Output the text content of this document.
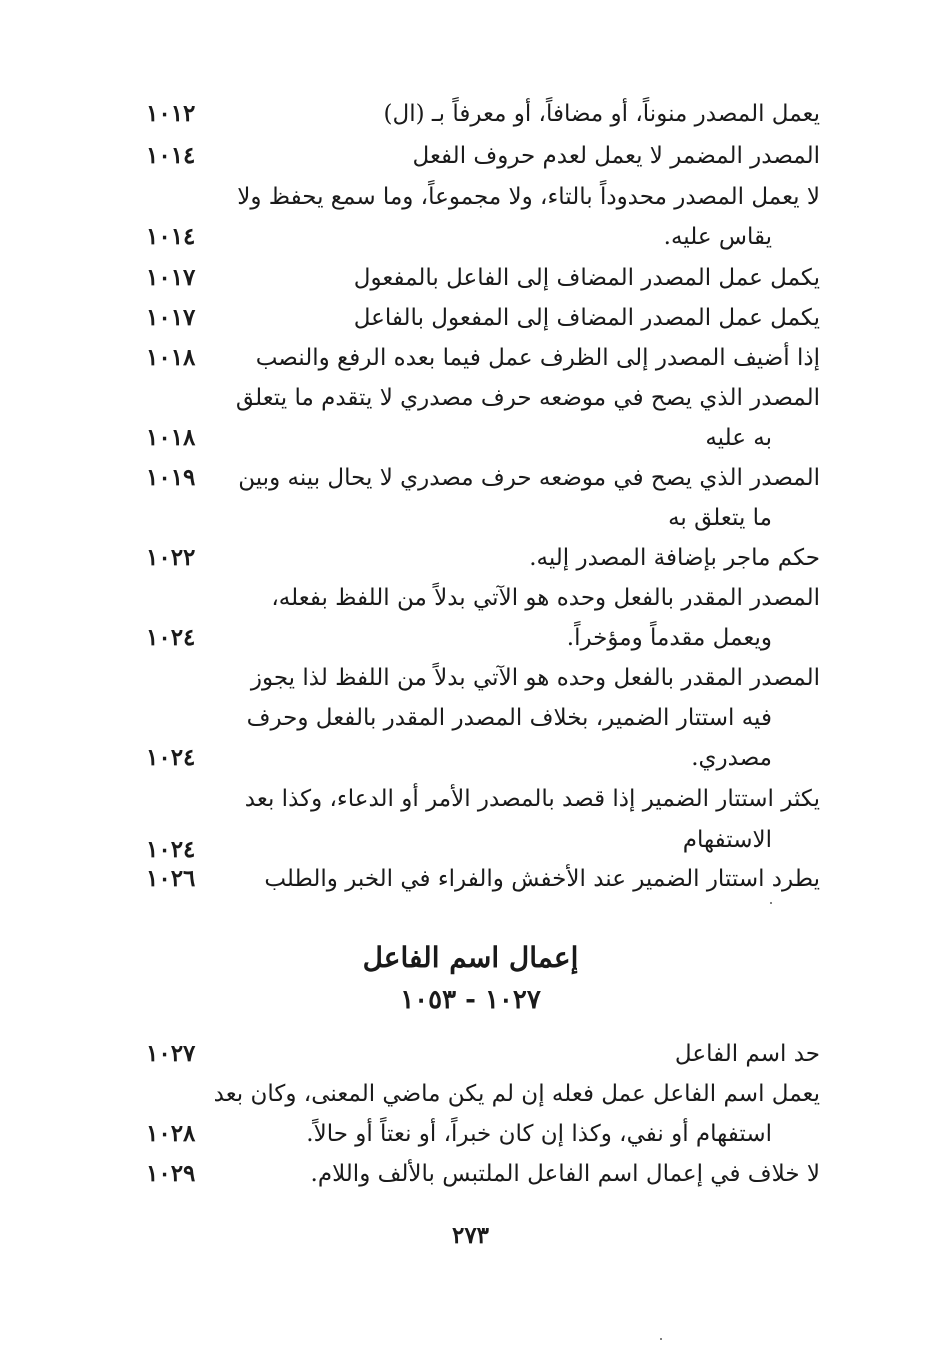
يعمل المصدر منوناً، أو مضافاً، أو معرفاً بـ (ال)
١٠١٢
المصدر المضمر لا يعمل لعدم حروف الفعل
١٠١٤
لا يعمل المصدر محدوداً بالتاء، ولا مجموعاً، وما سمع يحفظ ولا
يقاس عليه.
١٠١٤
يكمل عمل المصدر المضاف إلى الفاعل بالمفعول
١٠١٧
يكمل عمل المصدر المضاف إلى المفعول بالفاعل
١٠١٧
إذا أضيف المصدر إلى الظرف عمل فيما بعده الرفع والنصب
١٠١٨
المصدر الذي يصح في موضعه حرف مصدري لا يتقدم ما يتعلق
به عليه
١٠١٨
المصدر الذي يصح في موضعه حرف مصدري لا يحال بينه وبين
١٠١٩
ما يتعلق به
حكم ماجر بإضافة المصدر إليه.
١٠٢٢
المصدر المقدر بالفعل وحده هو الآتي بدلاً من اللفظ بفعله،
ويعمل مقدماً ومؤخراً.
١٠٢٤
المصدر المقدر بالفعل وحده هو الآتي بدلاً من اللفظ لذا يجوز
فيه استتار الضمير، بخلاف المصدر المقدر بالفعل وحرف
مصدري.
١٠٢٤
يكثر استتار الضمير إذا قصد بالمصدر الأمر أو الدعاء، وكذا بعد
الاستفهام
١٠٢٤
يطرد استتار الضمير عند الأخفش والفراء في الخبر والطلب
١٠٢٦
إعمال اسم الفاعل
١٠٢٧ - ١٠٥٣
حد اسم الفاعل
١٠٢٧
يعمل اسم الفاعل عمل فعله إن لم يكن ماضي المعنى، وكان بعد
استفهام أو نفي، وكذا إن كان خبراً، أو نعتاً أو حالاً.
١٠٢٨
لا خلاف في إعمال اسم الفاعل الملتبس بالألف واللام.
١٠٢٩
٢٧٣
